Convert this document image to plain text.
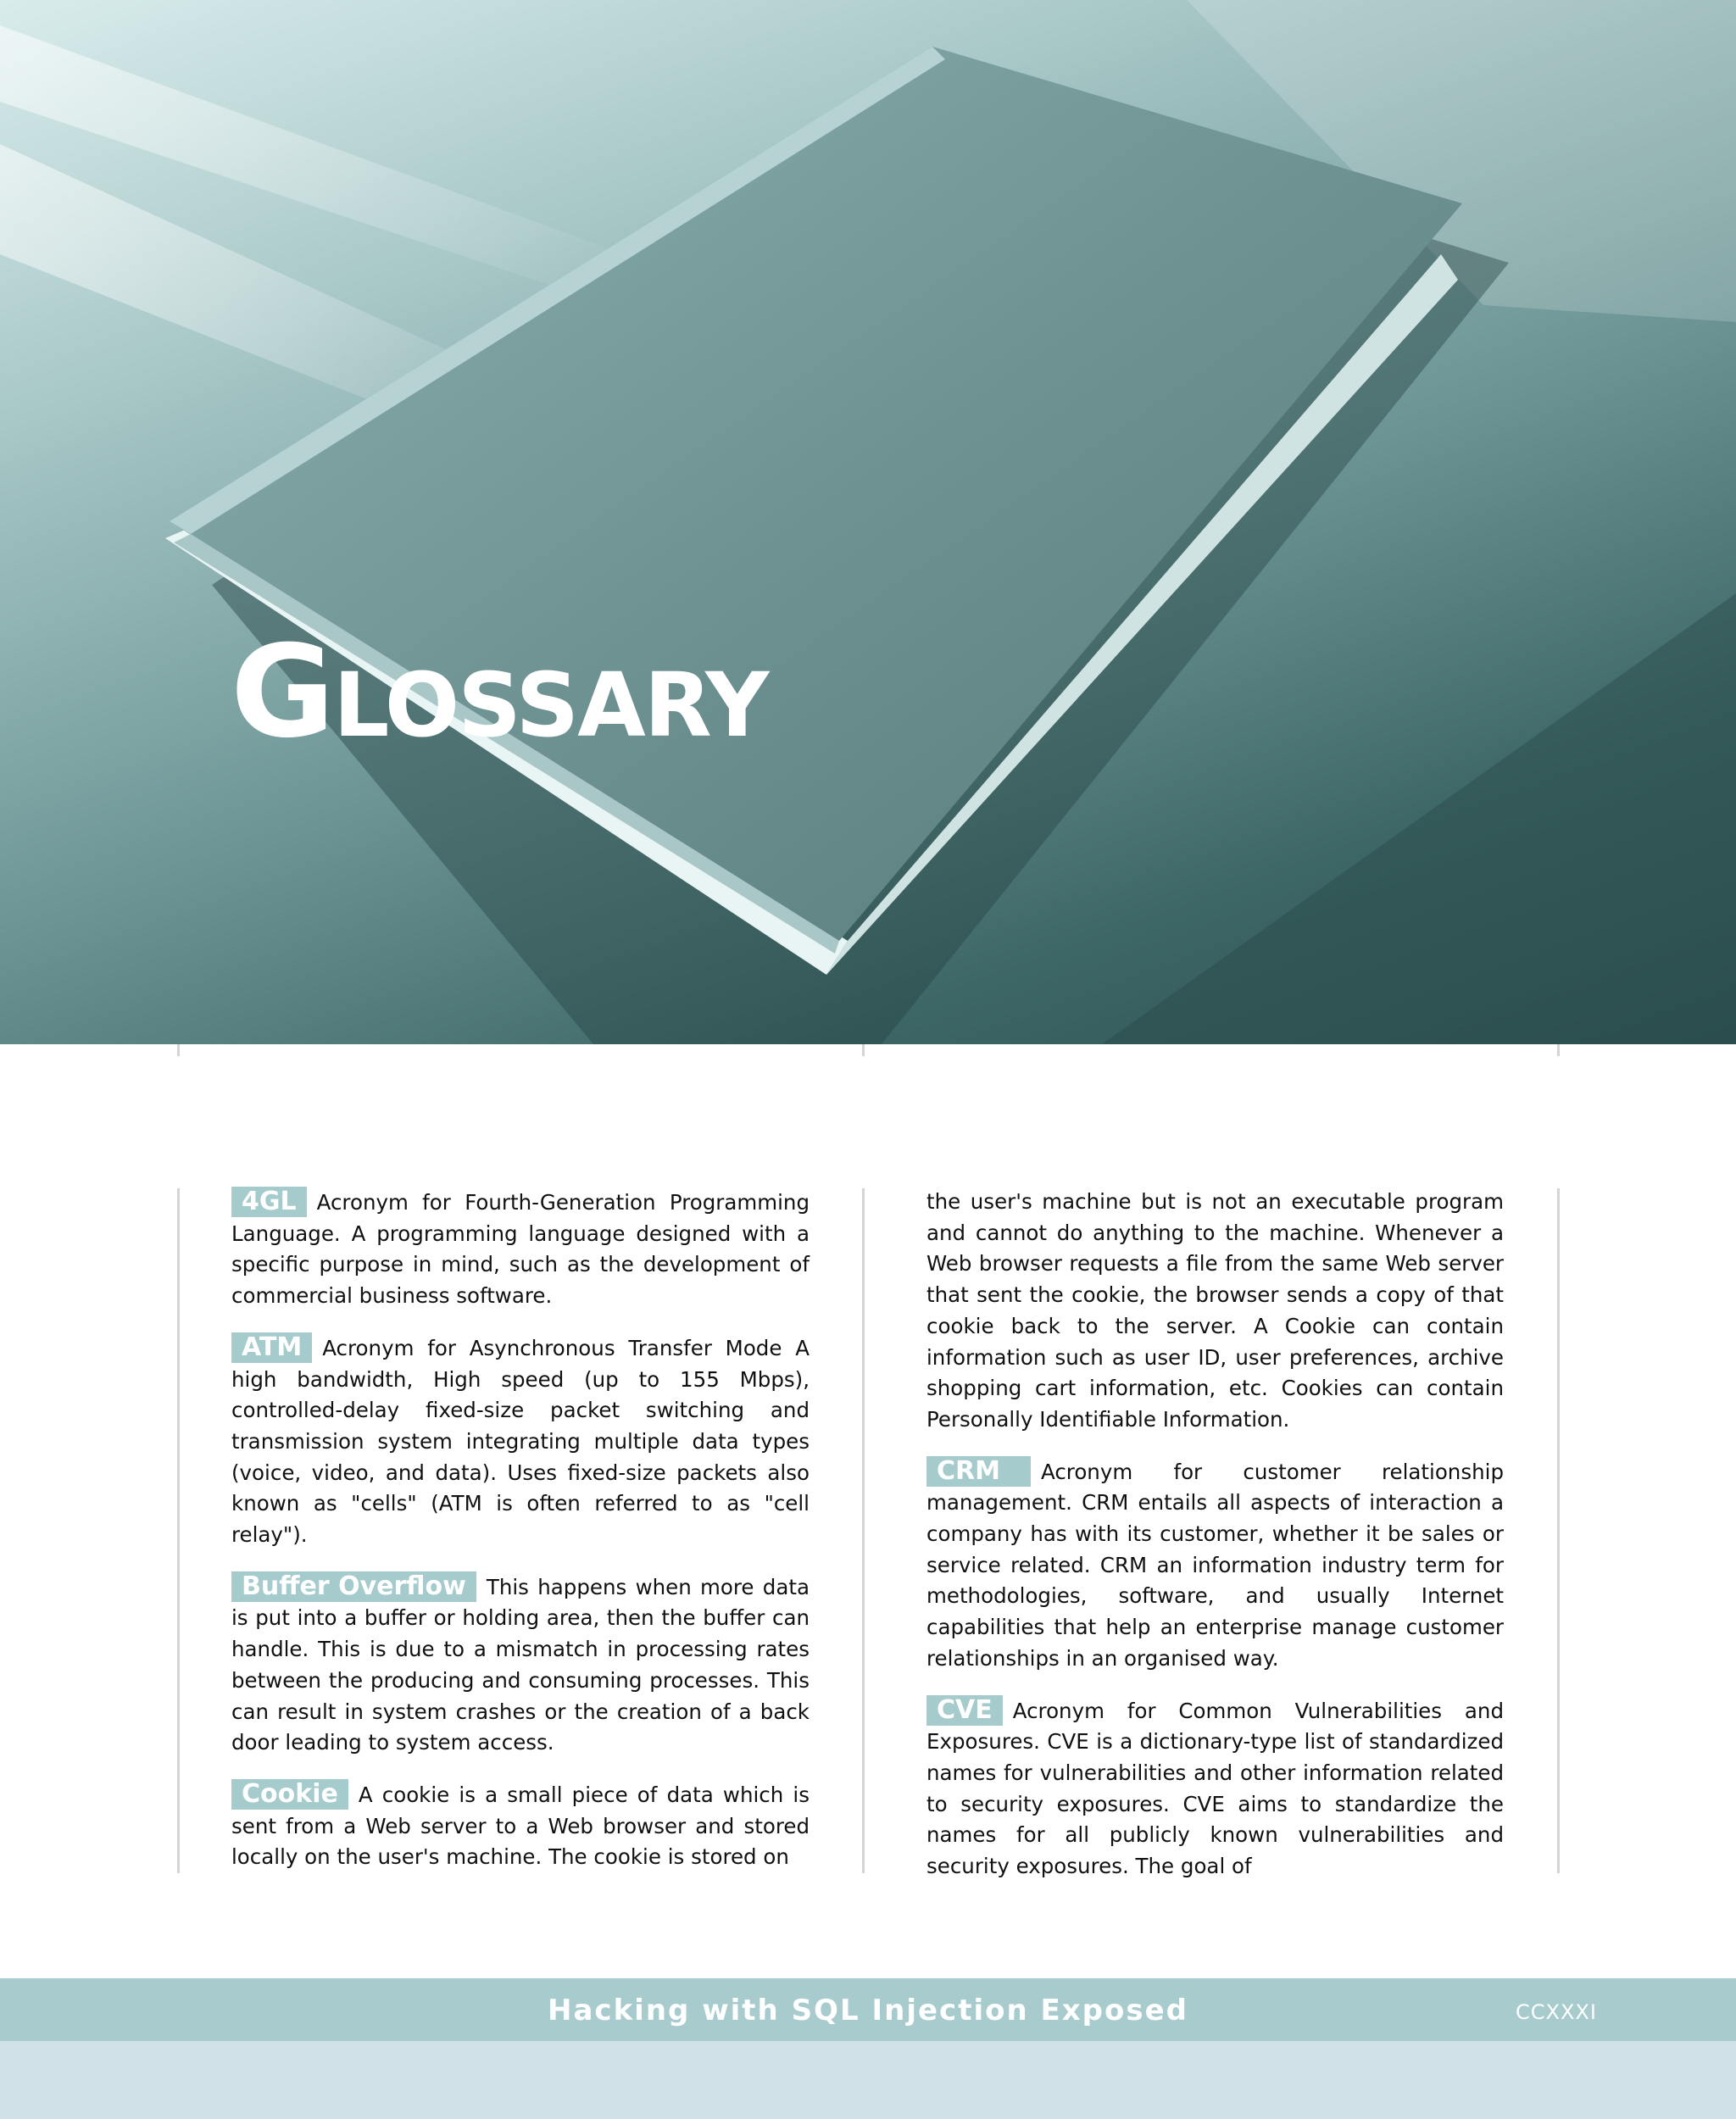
GLOSSARY

4GL Acronym for Fourth-Generation Programming Language. A programming language designed with a specific purpose in mind, such as the development of commercial business software.

ATM Acronym for Asynchronous Transfer Mode A high bandwidth, High speed (up to 155 Mbps), controlled-delay fixed-size packet switching and transmission system integrating multiple data types (voice, video, and data). Uses fixed-size packets also known as "cells" (ATM is often referred to as "cell relay").

Buffer Overflow This happens when more data is put into a buffer or holding area, then the buffer can handle. This is due to a mismatch in processing rates between the producing and consuming processes. This can result in system crashes or the creation of a back door leading to system access.

Cookie A cookie is a small piece of data which is sent from a Web server to a Web browser and stored locally on the user's machine. The cookie is stored on

the user's machine but is not an executable program and cannot do anything to the machine. Whenever a Web browser requests a file from the same Web server that sent the cookie, the browser sends a copy of that cookie back to the server. A Cookie can contain information such as user ID, user preferences, archive shopping cart information, etc. Cookies can contain Personally Identifiable Information.

CRM Acronym for customer relationship management. CRM entails all aspects of interaction a company has with its customer, whether it be sales or service related. CRM an information industry term for methodologies, software, and usually Internet capabilities that help an enterprise manage customer relationships in an organised way.

CVE Acronym for Common Vulnerabilities and Exposures. CVE is a dictionary-type list of standardized names for vulnerabilities and other information related to security exposures. CVE aims to standardize the names for all publicly known vulnerabilities and security exposures. The goal of

Hacking with SQL Injection Exposed	CCXXXI
